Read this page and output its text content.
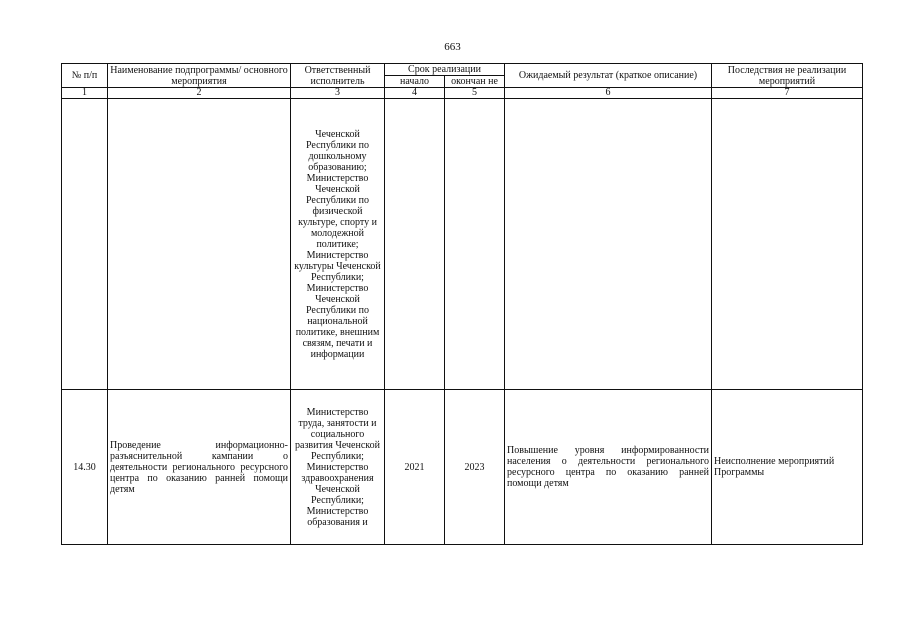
663
№ п/п	Наименование подпрограммы/ основного мероприятия	Ответственный исполнитель	Срок реализации		Ожидаемый результат (краткое описание)	Последствия не реализации мероприятий
			начало	окончан не		
1	2	3	4	5	6	7
		Чеченской Республики по дошкольному образованию; Министерство Чеченской Республики по физической культуре, спорту и молодежной политике; Министерство культуры Чеченской Республики; Министерство Чеченской Республики по национальной политике, внешним связям, печати и информации				
14.30	Проведение информационно-разъяснительной кампании о деятельности регионального ресурсного центра по оказанию ранней помощи детям	Министерство труда, занятости и социального развития Чеченской Республики; Министерство здравоохранения Чеченской Республики; Министерство образования и	2021	2023	Повышение уровня информированности населения о деятельности регионального ресурсного центра по оказанию ранней помощи детям	Неисполнение мероприятий Программы
